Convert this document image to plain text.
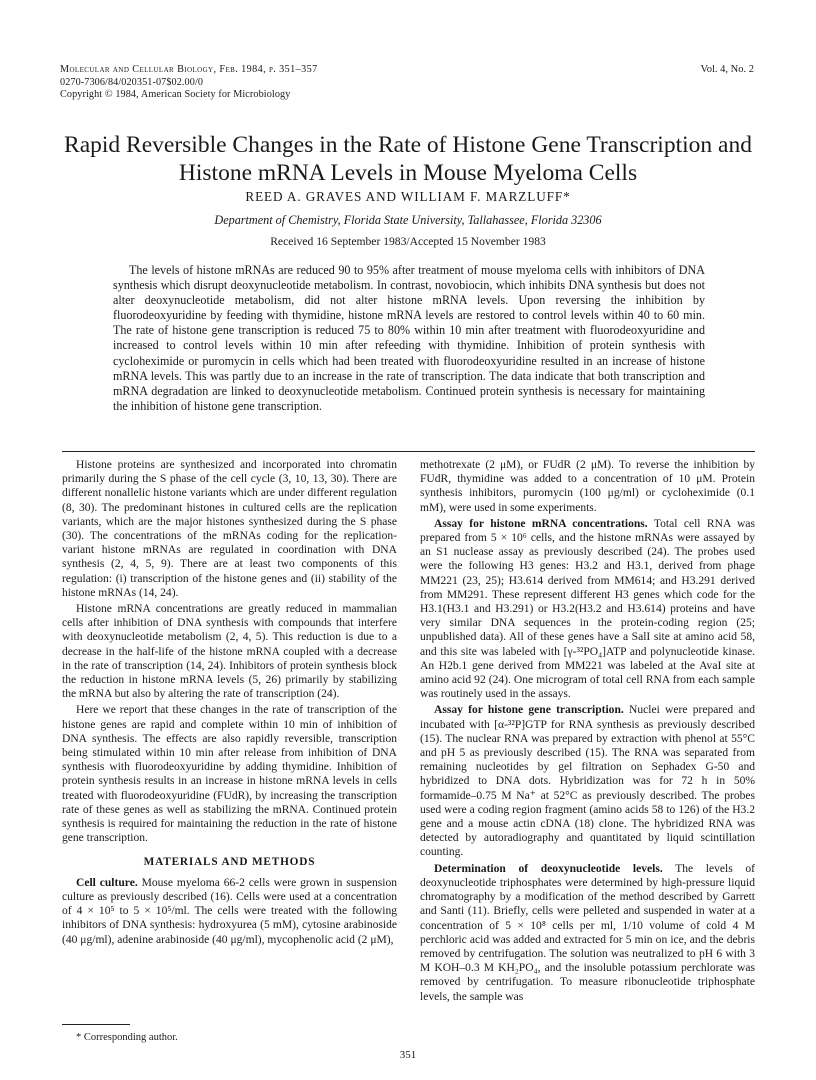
Molecular and Cellular Biology, Feb. 1984, p. 351–357
0270-7306/84/020351-07$02.00/0
Copyright © 1984, American Society for Microbiology
Vol. 4, No. 2
Rapid Reversible Changes in the Rate of Histone Gene Transcription and Histone mRNA Levels in Mouse Myeloma Cells
REED A. GRAVES AND WILLIAM F. MARZLUFF*
Department of Chemistry, Florida State University, Tallahassee, Florida 32306
Received 16 September 1983/Accepted 15 November 1983

The levels of histone mRNAs are reduced 90 to 95% after treatment of mouse myeloma cells with inhibitors of DNA synthesis which disrupt deoxynucleotide metabolism. In contrast, novobiocin, which inhibits DNA synthesis but does not alter deoxynucleotide metabolism, did not alter histone mRNA levels. Upon reversing the inhibition by fluorodeoxyuridine by feeding with thymidine, histone mRNA levels are restored to control levels within 40 to 60 min. The rate of histone gene transcription is reduced 75 to 80% within 10 min after treatment with fluorodeoxyuridine and increased to control levels within 10 min after refeeding with thymidine. Inhibition of protein synthesis with cycloheximide or puromycin in cells which had been treated with fluorodeoxyuridine resulted in an increase of histone mRNA levels. This was partly due to an increase in the rate of transcription. The data indicate that both transcription and mRNA degradation are linked to deoxynucleotide metabolism. Continued protein synthesis is necessary for maintaining the inhibition of histone gene transcription.

Histone proteins are synthesized and incorporated into chromatin primarily during the S phase of the cell cycle (3, 10, 13, 30). There are different nonallelic histone variants which are under different regulation (8, 30). The predominant histones in cultured cells are the replication variants, which are the major histones synthesized during the S phase (30). The concentrations of the mRNAs coding for the replication-variant histone mRNAs are regulated in coordination with DNA synthesis (2, 4, 5, 9). There are at least two components of this regulation: (i) transcription of the histone genes and (ii) stability of the histone mRNAs (14, 24).

Histone mRNA concentrations are greatly reduced in mammalian cells after inhibition of DNA synthesis with compounds that interfere with deoxynucleotide metabolism (2, 4, 5). This reduction is due to a decrease in the half-life of the histone mRNA coupled with a decrease in the rate of transcription (14, 24). Inhibitors of protein synthesis block the reduction in histone mRNA levels (5, 26) primarily by stabilizing the mRNA but also by altering the rate of transcription (24).

Here we report that these changes in the rate of transcription of the histone genes are rapid and complete within 10 min of inhibition of DNA synthesis. The effects are also rapidly reversible, transcription being stimulated within 10 min after release from inhibition of DNA synthesis with fluorodeoxyuridine by adding thymidine. Inhibition of protein synthesis results in an increase in histone mRNA levels in cells treated with fluorodeoxyuridine (FUdR), by increasing the transcription rate of these genes as well as stabilizing the mRNA. Continued protein synthesis is required for maintaining the reduction in the rate of histone gene transcription.

MATERIALS AND METHODS

Cell culture. Mouse myeloma 66-2 cells were grown in suspension culture as previously described (16). Cells were used at a concentration of 4 × 10⁵ to 5 × 10⁵/ml. The cells were treated with the following inhibitors of DNA synthesis: hydroxyurea (5 mM), cytosine arabinoside (40 μg/ml), adenine arabinoside (40 μg/ml), mycophenolic acid (2 μM),

methotrexate (2 μM), or FUdR (2 μM). To reverse the inhibition by FUdR, thymidine was added to a concentration of 10 μM. Protein synthesis inhibitors, puromycin (100 μg/ml) or cycloheximide (0.1 mM), were used in some experiments.

Assay for histone mRNA concentrations. Total cell RNA was prepared from 5 × 10⁶ cells, and the histone mRNAs were assayed by an S1 nuclease assay as previously described (24). The probes used were the following H3 genes: H3.2 and H3.1, derived from phage MM221 (23, 25); H3.614 derived from MM614; and H3.291 derived from MM291. These represent different H3 genes which code for the H3.1(H3.1 and H3.291) or H3.2(H3.2 and H3.614) proteins and have very similar DNA sequences in the protein-coding region (25; unpublished data). All of these genes have a SalI site at amino acid 58, and this site was labeled with [γ-³²PO₄]ATP and polynucleotide kinase. An H2b.1 gene derived from MM221 was labeled at the AvaI site at amino acid 92 (24). One microgram of total cell RNA from each sample was routinely used in the assays.

Assay for histone gene transcription. Nuclei were prepared and incubated with [α-³²P]GTP for RNA synthesis as previously described (15). The nuclear RNA was prepared by extraction with phenol at 55°C and pH 5 as previously described (15). The RNA was separated from remaining nucleotides by gel filtration on Sephadex G-50 and hybridized to DNA dots. Hybridization was for 72 h in 50% formamide–0.75 M Na⁺ at 52°C as previously described. The probes used were a coding region fragment (amino acids 58 to 126) of the H3.2 gene and a mouse actin cDNA (18) clone. The hybridized RNA was detected by autoradiography and quantitated by liquid scintillation counting.

Determination of deoxynucleotide levels. The levels of deoxynucleotide triphosphates were determined by high-pressure liquid chromatography by a modification of the method described by Garrett and Santi (11). Briefly, cells were pelleted and suspended in water at a concentration of 5 × 10⁸ cells per ml, 1/10 volume of cold 4 M perchloric acid was added and extracted for 5 min on ice, and the debris removed by centrifugation. The solution was neutralized to pH 6 with 3 M KOH–0.3 M KH₂PO₄, and the insoluble potassium perchlorate was removed by centrifugation. To measure ribonucleotide triphosphate levels, the sample was

* Corresponding author.
351
